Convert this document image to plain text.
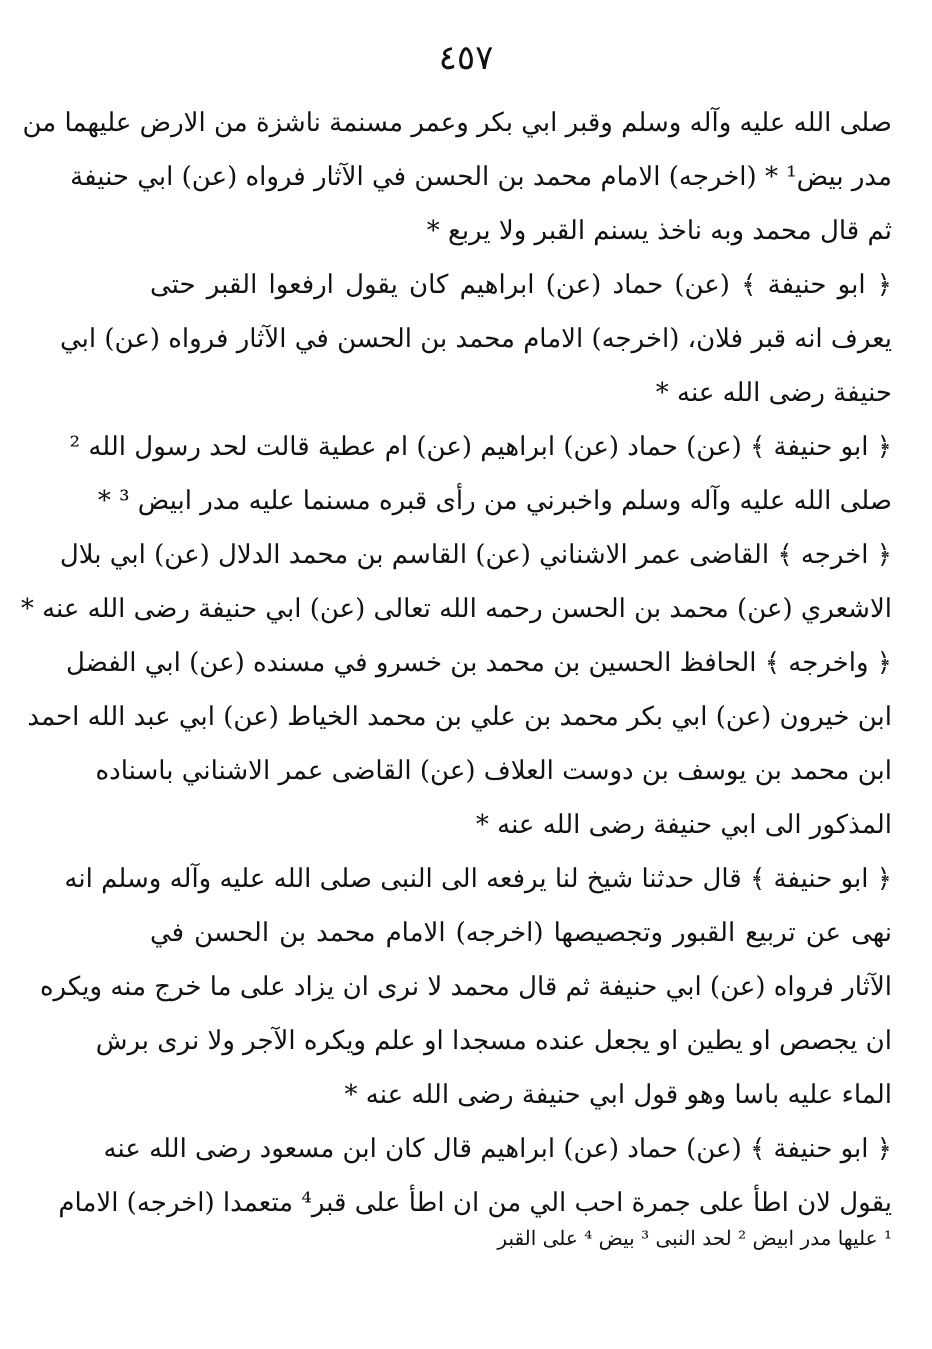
٤٥٧
صلى الله عليه وآله وسلم وقبر ابي بكر وعمر مسنمة ناشزة من الارض عليهما من
مدر بيض¹ * (اخرجه) الامام محمد بن الحسن في الآثار فرواه (عن) ابي حنيفة
ثم قال محمد وبه ناخذ يسنم القبر ولا يربع *
﴿ ابو حنيفة ﴾ (عن) حماد (عن) ابراهيم كان يقول ارفعوا القبر حتى
يعرف انه قبر فلان، (اخرجه) الامام محمد بن الحسن في الآثار فرواه (عن) ابي
حنيفة رضى الله عنه *
﴿ ابو حنيفة ﴾ (عن) حماد (عن) ابراهيم (عن) ام عطية قالت لحد رسول الله ²
صلى الله عليه وآله وسلم واخبرني من رأى قبره مسنما عليه مدر ابيض ³ *
﴿ اخرجه ﴾ القاضى عمر الاشناني (عن) القاسم بن محمد الدلال (عن) ابي بلال
الاشعري (عن) محمد بن الحسن رحمه الله تعالى (عن) ابي حنيفة رضى الله عنه *
﴿ واخرجه ﴾ الحافظ الحسين بن محمد بن خسرو في مسنده (عن) ابي الفضل
ابن خيرون (عن) ابي بكر محمد بن علي بن محمد الخياط (عن) ابي عبد الله احمد
ابن محمد بن يوسف بن دوست العلاف (عن) القاضى عمر الاشناني باسناده
المذكور الى ابي حنيفة رضى الله عنه *
﴿ ابو حنيفة ﴾ قال حدثنا شيخ لنا يرفعه الى النبى صلى الله عليه وآله وسلم انه
نهى عن تربيع القبور وتجصيصها (اخرجه) الامام محمد بن الحسن في
الآثار فرواه (عن) ابي حنيفة ثم قال محمد لا نرى ان يزاد على ما خرج منه ويكره
ان يجصص او يطين او يجعل عنده مسجدا او علم ويكره الآجر ولا نرى برش
الماء عليه باسا وهو قول ابي حنيفة رضى الله عنه *
﴿ ابو حنيفة ﴾ (عن) حماد (عن) ابراهيم قال كان ابن مسعود رضى الله عنه
يقول لان اطأ على جمرة احب الي من ان اطأ على قبر⁴ متعمدا (اخرجه) الامام
¹ عليها مدر ابيض ² لحد النبى ³ بيض ⁴ على القبر
